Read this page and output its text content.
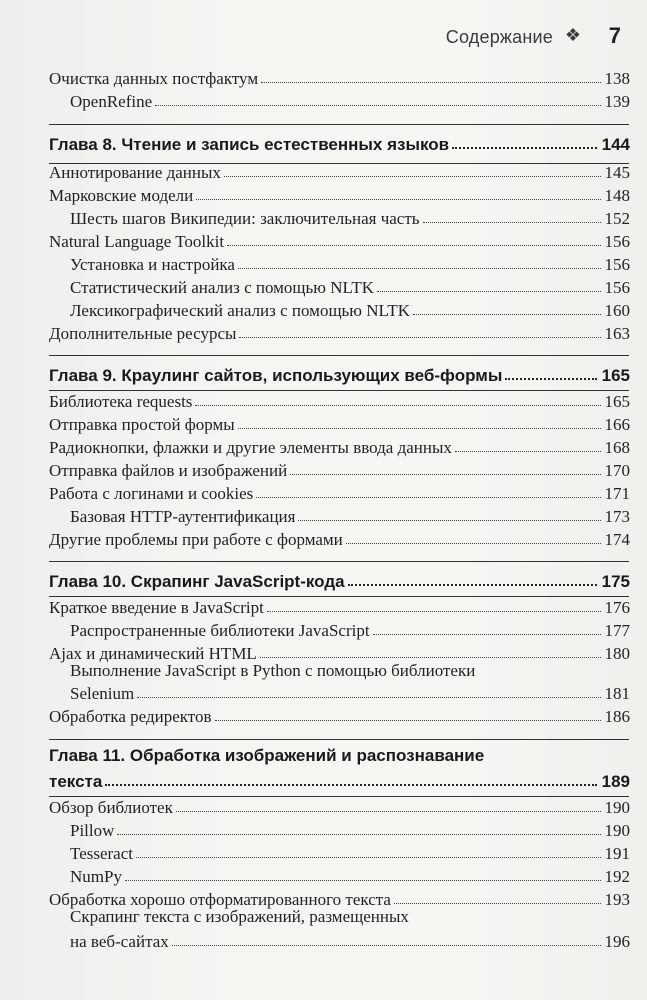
Содержание ❖ 7
Очистка данных постфактум	138
OpenRefine	139
Глава 8. Чтение и запись естественных языков	144
Аннотирование данных	145
Марковские модели	148
Шесть шагов Википедии: заключительная часть	152
Natural Language Toolkit	156
Установка и настройка	156
Статистический анализ с помощью NLTK	156
Лексикографический анализ с помощью NLTK	160
Дополнительные ресурсы	163
Глава 9. Краулинг сайтов, использующих веб-формы	165
Библиотека requests	165
Отправка простой формы	166
Радиокнопки, флажки и другие элементы ввода данных	168
Отправка файлов и изображений	170
Работа с логинами и cookies	171
Базовая HTTP-аутентификация	173
Другие проблемы при работе с формами	174
Глава 10. Скрапинг JavaScript-кода	175
Краткое введение в JavaScript	176
Распространенные библиотеки JavaScript	177
Ajax и динамический HTML	180
Выполнение JavaScript в Python с помощью библиотеки
Selenium	181
Обработка редиректов	186
Глава 11. Обработка изображений и распознавание
текста	189
Обзор библиотек	190
Pillow	190
Tesseract	191
NumPy	192
Обработка хорошо отформатированного текста	193
Скрапинг текста с изображений, размещенных
на веб-сайтах	196
